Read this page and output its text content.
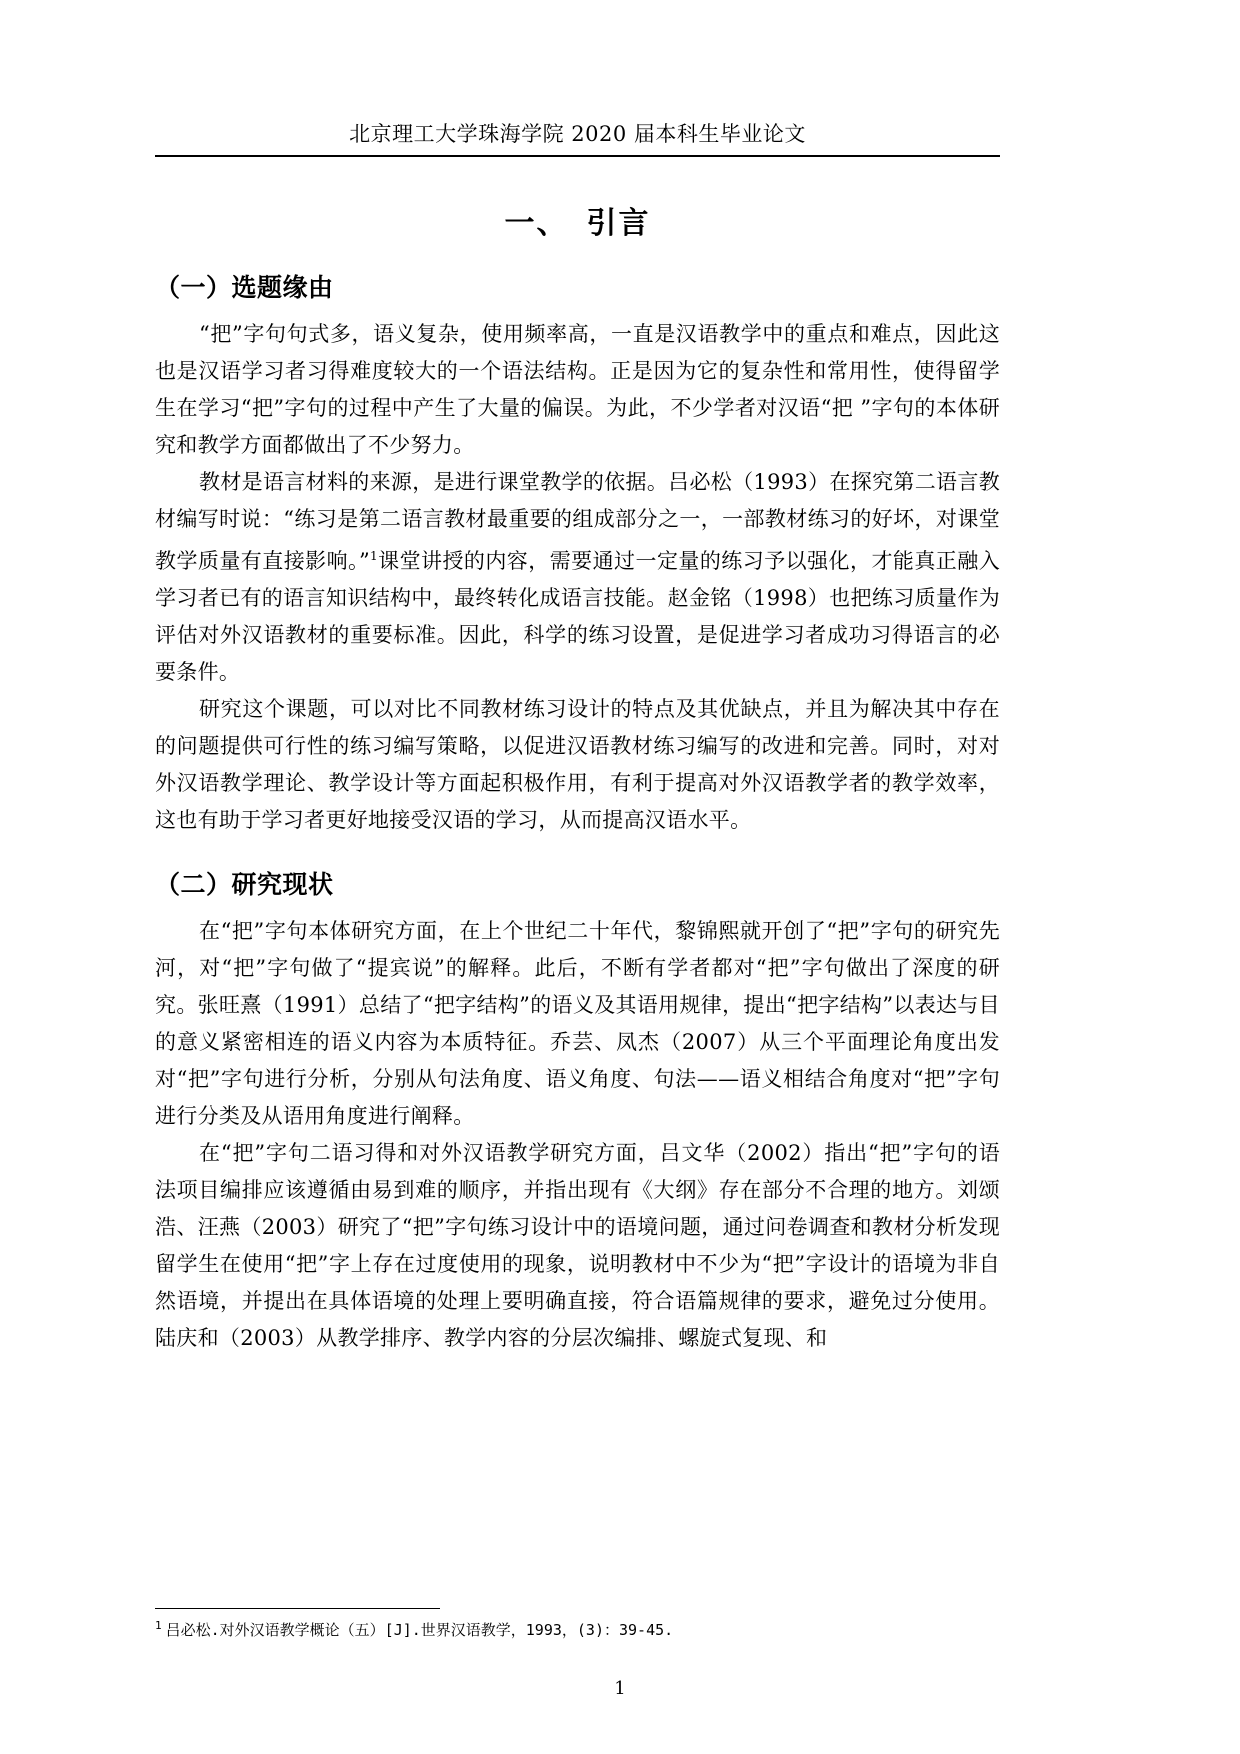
北京理工大学珠海学院 2020 届本科生毕业论文
一、 引言
（一）选题缘由

“把”字句句式多，语义复杂，使用频率高，一直是汉语教学中的重点和难点，因此这也是汉语学习者习得难度较大的一个语法结构。正是因为它的复杂性和常用性，使得留学生在学习“把”字句的过程中产生了大量的偏误。为此，不少学者对汉语“把 ”字句的本体研究和教学方面都做出了不少努力。

教材是语言材料的来源，是进行课堂教学的依据。吕必松（1993）在探究第二语言教材编写时说：“练习是第二语言教材最重要的组成部分之一，一部教材练习的好坏，对课堂教学质量有直接影响。”$^1$课堂讲授的内容，需要通过一定量的练习予以强化，才能真正融入学习者已有的语言知识结构中，最终转化成语言技能。赵金铭（1998）也把练习质量作为评估对外汉语教材的重要标准。因此，科学的练习设置，是促进学习者成功习得语言的必要条件。

研究这个课题，可以对比不同教材练习设计的特点及其优缺点，并且为解决其中存在的问题提供可行性的练习编写策略，以促进汉语教材练习编写的改进和完善。同时，对对外汉语教学理论、教学设计等方面起积极作用，有利于提高对外汉语教学者的教学效率，这也有助于学习者更好地接受汉语的学习，从而提高汉语水平。

（二）研究现状

在“把”字句本体研究方面，在上个世纪二十年代，黎锦熙就开创了“把”字句的研究先河，对“把”字句做了“提宾说”的解释。此后，不断有学者都对“把”字句做出了深度的研究。张旺熹（1991）总结了“把字结构”的语义及其语用规律，提出“把字结构”以表达与目的意义紧密相连的语义内容为本质特征。乔芸、凤杰（2007）从三个平面理论角度出发对“把”字句进行分析，分别从句法角度、语义角度、句法——语义相结合角度对“把”字句进行分类及从语用角度进行阐释。

在“把”字句二语习得和对外汉语教学研究方面，吕文华（2002）指出“把”字句的语法项目编排应该遵循由易到难的顺序，并指出现有《大纲》存在部分不合理的地方。刘颂浩、汪燕（2003）研究了“把”字句练习设计中的语境问题，通过问卷调查和教材分析发现留学生在使用“把”字上存在过度使用的现象，说明教材中不少为“把”字设计的语境为非自然语境，并提出在具体语境的处理上要明确直接，符合语篇规律的要求，避免过分使用。陆庆和（2003）从教学排序、教学内容的分层次编排、螺旋式复现、和

$^1$ 吕必松.对外汉语教学概论（五）[J].世界汉语教学，1993，(3)：39-45.
1
